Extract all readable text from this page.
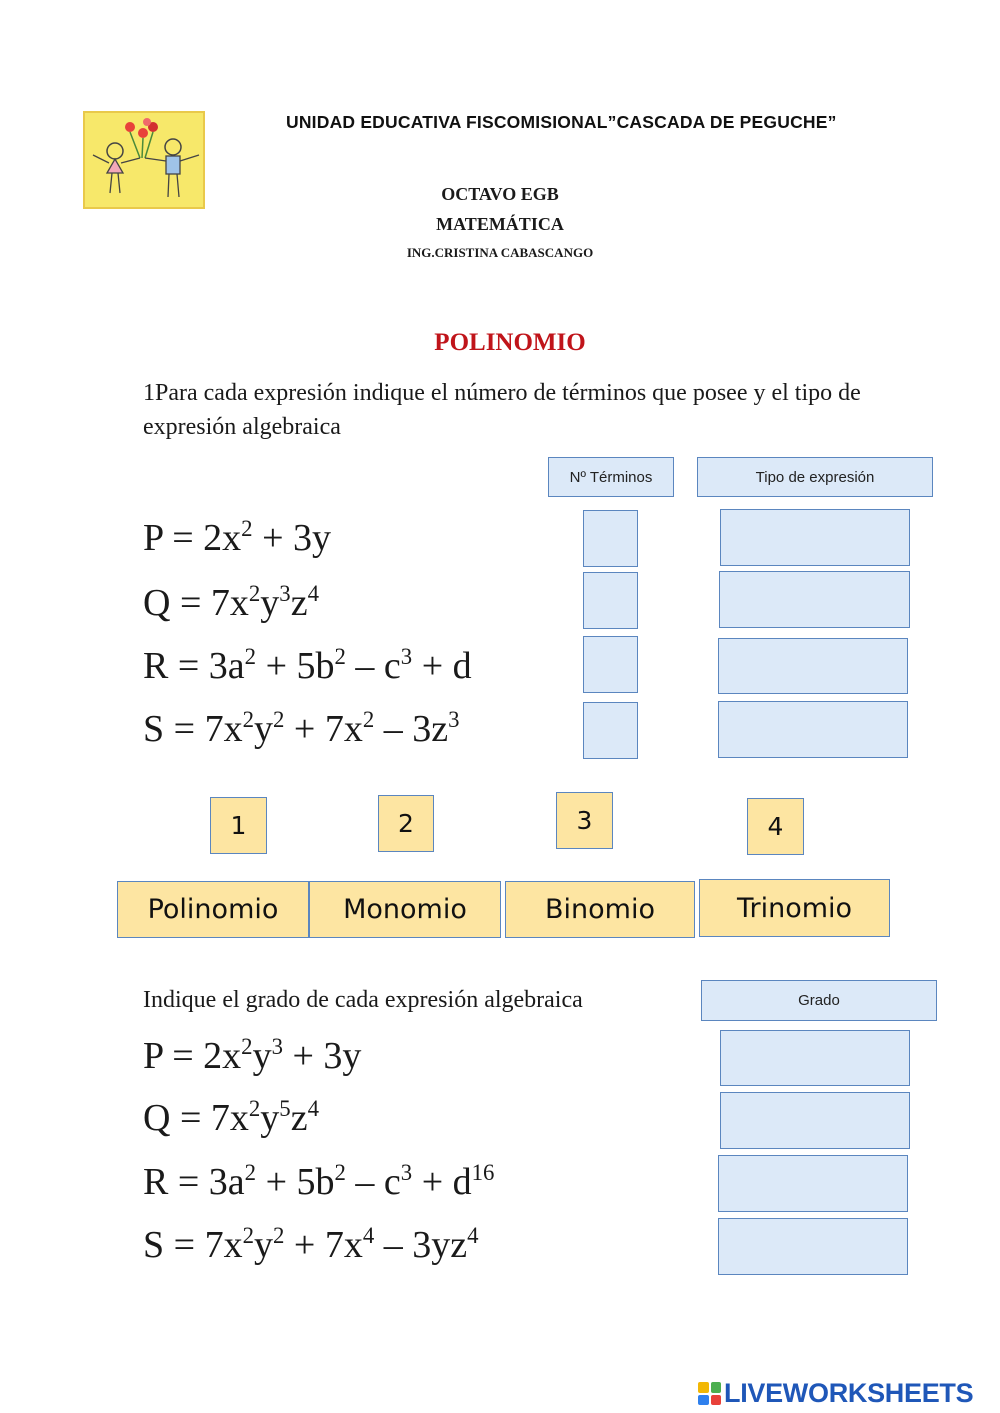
UNIDAD EDUCATIVA FISCOMISIONAL”CASCADA DE PEGUCHE”
OCTAVO EGB
MATEMÁTICA
ING.CRISTINA CABASCANGO
POLINOMIO
1Para cada expresión indique el número de términos que posee y el tipo de expresión algebraica
Nº Términos	Tipo de expresión
$P = 2x^2 + 3y$
$Q = 7x^2y^3z^4$
$R = 3a^2 + 5b^2 - c^3 + d$
$S = 7x^2y^2 + 7x^2 - 3z^3$
1	2	3	4
Polinomio	Monomio	Binomio	Trinomio
Indique el grado de cada expresión algebraica	Grado
$P = 2x^2y^3 + 3y$
$Q = 7x^2y^5z^4$
$R = 3a^2 + 5b^2 - c^3 + d^{16}$
$S = 7x^2y^2 + 7x^4 - 3yz^4$
LIVEWORKSHEETS
